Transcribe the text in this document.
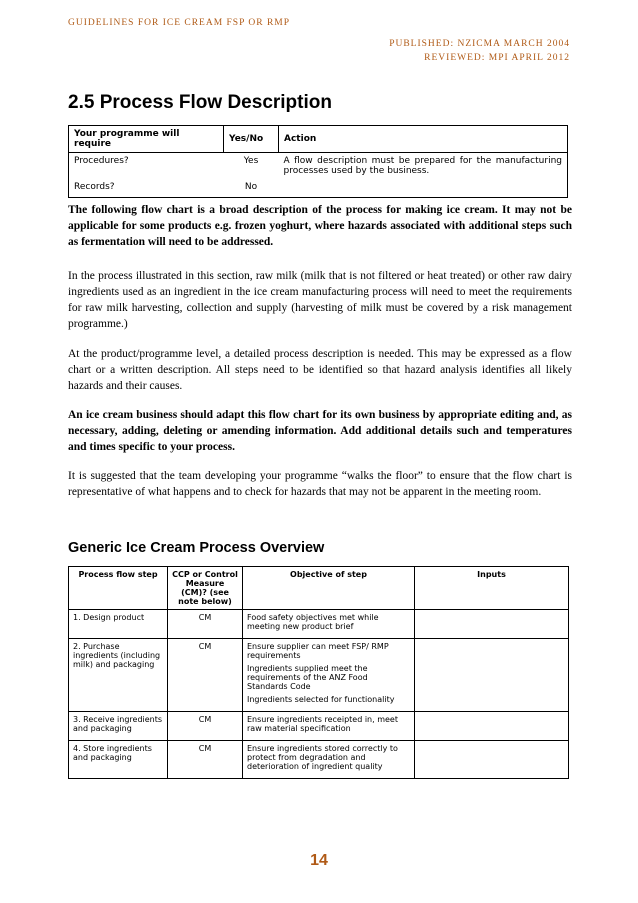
GUIDELINES FOR ICE CREAM FSP OR RMP
PUBLISHED: NZICMA MARCH 2004
REVIEWED: MPI APRIL 2012
2.5 Process Flow Description
Your programme will require	Yes/No	Action
Procedures?	Yes	A flow description must be prepared for the manufacturing processes used by the business.
Records?	No	

The following flow chart is a broad description of the process for making ice cream. It may not be applicable for some products e.g. frozen yoghurt, where hazards associated with additional steps such as fermentation will need to be addressed.

In the process illustrated in this section, raw milk (milk that is not filtered or heat treated) or other raw dairy ingredients used as an ingredient in the ice cream manufacturing process will need to meet the requirements for raw milk harvesting, collection and supply (harvesting of milk must be covered by a risk management programme.)

At the product/programme level, a detailed process description is needed. This may be expressed as a flow chart or a written description. All steps need to be identified so that hazard analysis identifies all likely hazards and their causes.

An ice cream business should adapt this flow chart for its own business by appropriate editing and, as necessary, adding, deleting or amending information. Add additional details such and temperatures and times specific to your process.

It is suggested that the team developing your programme “walks the floor” to ensure that the flow chart is representative of what happens and to check for hazards that may not be apparent in the meeting room.

Generic Ice Cream Process Overview
Process flow step	CCP or Control Measure (CM)? (see note below)	Objective of step	Inputs
1. Design product	CM	Food safety objectives met while meeting new product brief	

2. Purchase ingredients (including milk) and packaging	CM	Ensure supplier can meet FSP/ RMP requirements

Ingredients supplied meet the requirements of the ANZ Food Standards Code

Ingredients selected for functionality	

3. Receive ingredients and packaging	CM	Ensure ingredients receipted in, meet raw material specification	

4. Store ingredients and packaging	CM	Ensure ingredients stored correctly to protect from degradation and deterioration of ingredient quality	

14
